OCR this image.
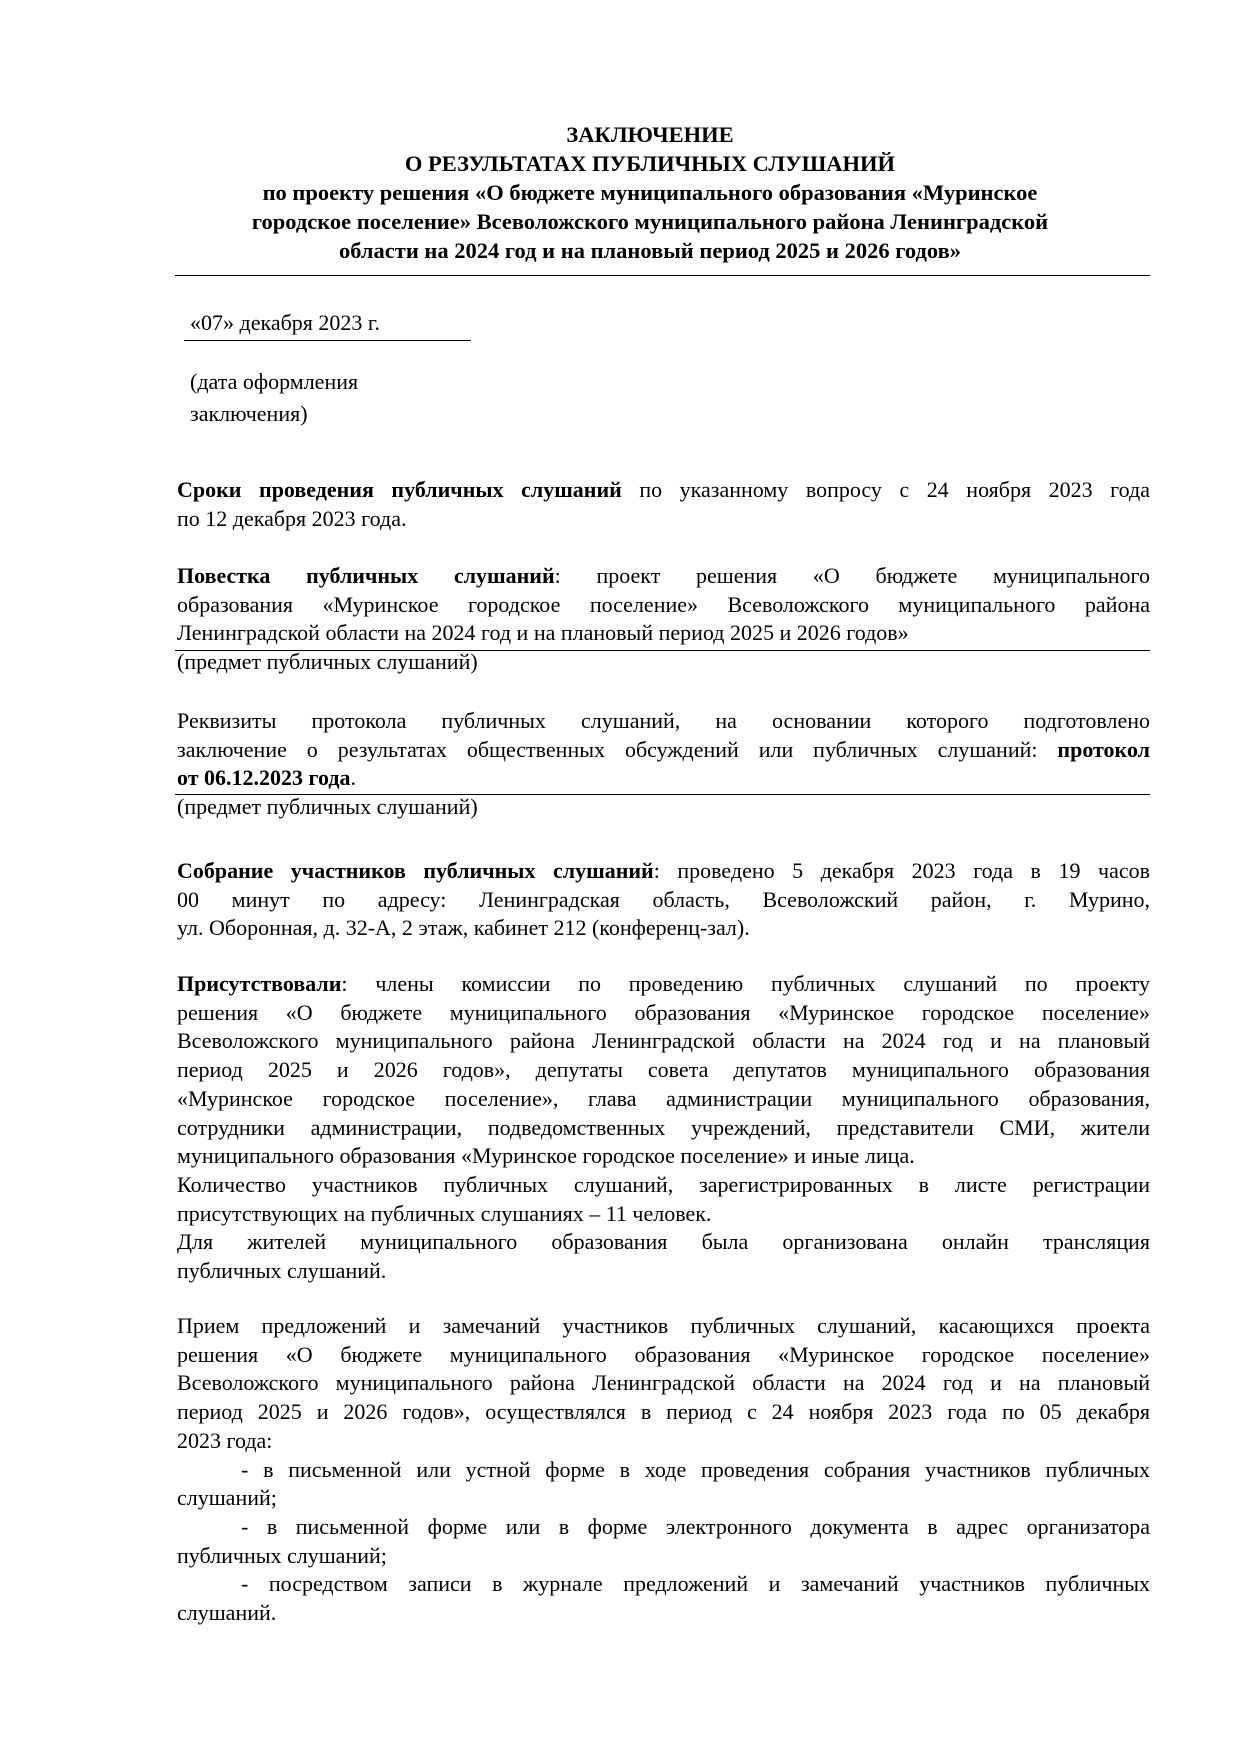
ЗАКЛЮЧЕНИЕ
О РЕЗУЛЬТАТАХ ПУБЛИЧНЫХ СЛУШАНИЙ
по проекту решения «О бюджете муниципального образования «Муринское
городское поселение» Всеволожского муниципального района Ленинградской
области на 2024 год и на плановый период 2025 и 2026 годов»
«07» декабря 2023 г.
(дата оформления
заключения)
Сроки проведения публичных слушаний по указанному вопросу с 24 ноября 2023 года
по 12 декабря 2023 года.
Повестка публичных слушаний: проект решения «О бюджете муниципального
образования «Муринское городское поселение» Всеволожского муниципального района
Ленинградской области на 2024 год и на плановый период 2025 и 2026 годов»
(предмет публичных слушаний)
Реквизиты протокола публичных слушаний, на основании которого подготовлено
заключение о результатах общественных обсуждений или публичных слушаний: протокол
от 06.12.2023 года.
(предмет публичных слушаний)
Собрание участников публичных слушаний: проведено 5 декабря 2023 года в 19 часов
00 минут по адресу: Ленинградская область, Всеволожский район, г. Мурино,
ул. Оборонная, д. 32-А, 2 этаж, кабинет 212 (конференц-зал).
Присутствовали: члены комиссии по проведению публичных слушаний по проекту
решения «О бюджете муниципального образования «Муринское городское поселение»
Всеволожского муниципального района Ленинградской области на 2024 год и на плановый
период 2025 и 2026 годов», депутаты совета депутатов муниципального образования
«Муринское городское поселение», глава администрации муниципального образования,
сотрудники администрации, подведомственных учреждений, представители СМИ, жители
муниципального образования «Муринское городское поселение» и иные лица.
Количество участников публичных слушаний, зарегистрированных в листе регистрации
присутствующих на публичных слушаниях – 11 человек.
Для жителей муниципального образования была организована онлайн трансляция
публичных слушаний.
Прием предложений и замечаний участников публичных слушаний, касающихся проекта
решения «О бюджете муниципального образования «Муринское городское поселение»
Всеволожского муниципального района Ленинградской области на 2024 год и на плановый
период 2025 и 2026 годов», осуществлялся в период с 24 ноября 2023 года по 05 декабря
2023 года:
- в письменной или устной форме в ходе проведения собрания участников публичных
слушаний;
- в письменной форме или в форме электронного документа в адрес организатора
публичных слушаний;
- посредством записи в журнале предложений и замечаний участников публичных
слушаний.
